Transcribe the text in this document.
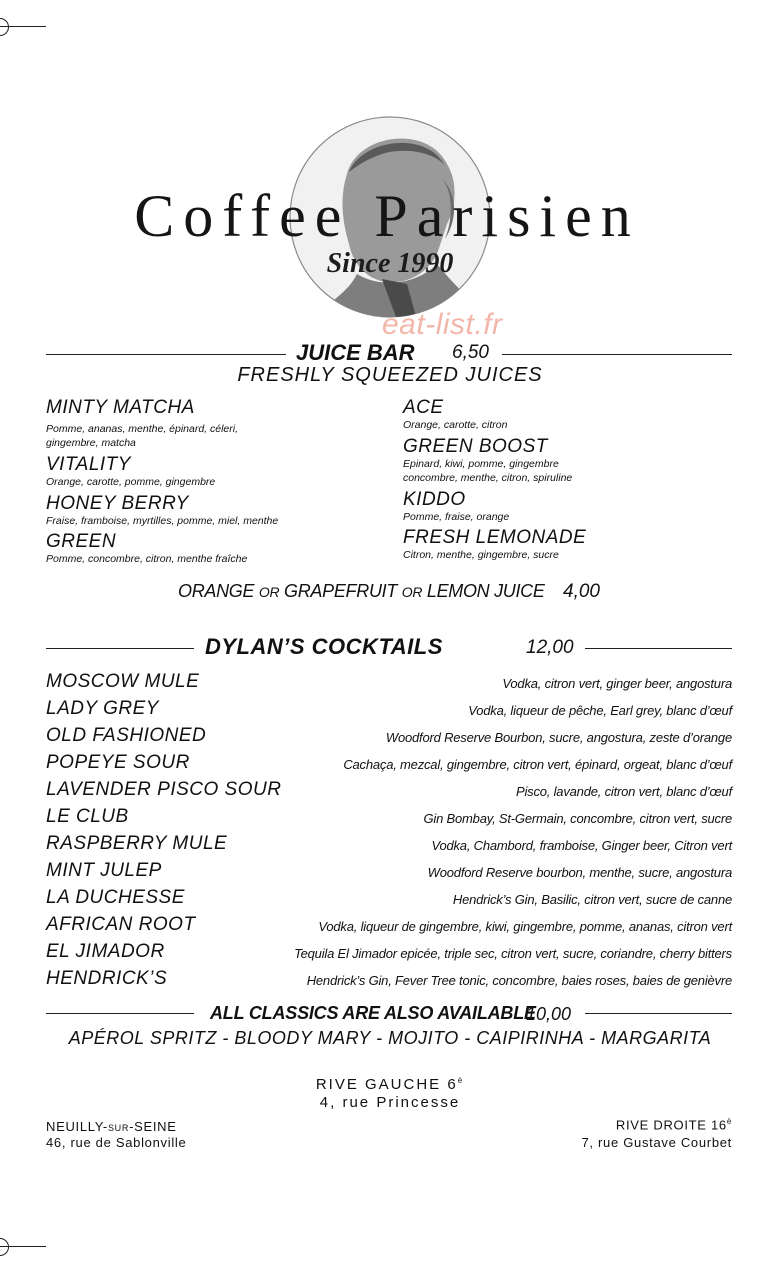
Coffee Parisien
Since 1990
eat-list.fr
JUICE BAR 6,50
FRESHLY SQUEEZED JUICES
MINTY MATCHA
Pomme, ananas, menthe, épinard, céleri, gingembre, matcha
VITALITY
Orange, carotte, pomme, gingembre
HONEY BERRY
Fraise, framboise, myrtilles, pomme, miel, menthe
GREEN
Pomme, concombre, citron, menthe fraîche
ACE
Orange, carotte, citron
GREEN BOOST
Epinard, kiwi, pomme, gingembre concombre, menthe, citron, spiruline
KIDDO
Pomme, fraise, orange
FRESH LEMONADE
Citron, menthe, gingembre, sucre
ORANGE OR GRAPEFRUIT OR LEMON JUICE 4,00
DYLAN’S COCKTAILS	12,00
MOSCOW MULE	Vodka, citron vert, ginger beer, angostura
LADY GREY	Vodka, liqueur de pêche, Earl grey, blanc d’œuf
OLD FASHIONED	Woodford Reserve Bourbon, sucre, angostura, zeste d’orange
POPEYE SOUR	Cachaça, mezcal, gingembre, citron vert, épinard, orgeat, blanc d’œuf
LAVENDER PISCO SOUR	Pisco, lavande, citron vert, blanc d’œuf
LE CLUB	Gin Bombay, St-Germain, concombre, citron vert, sucre
RASPBERRY MULE	Vodka, Chambord, framboise, Ginger beer, Citron vert
MINT JULEP	Woodford Reserve bourbon, menthe, sucre, angostura
LA DUCHESSE	Hendrick’s Gin, Basilic, citron vert, sucre de canne
AFRICAN ROOT	Vodka, liqueur de gingembre, kiwi, gingembre, pomme, ananas, citron vert
EL JIMADOR	Tequila El Jimador epicée, triple sec, citron vert, sucre, coriandre, cherry bitters
HENDRICK’S	Hendrick’s Gin, Fever Tree tonic, concombre, baies roses, baies de genièvre
ALL CLASSICS ARE ALSO AVAILABLE
10,00
APÉROL SPRITZ - BLOODY MARY - MOJITO - CAIPIRINHA - MARGARITA
RIVE GAUCHE $6^è$
4, rue Princesse
NEUILLY-SUR-SEINE
46, rue de Sablonville
RIVE DROITE $16^è$
7, rue Gustave Courbet
